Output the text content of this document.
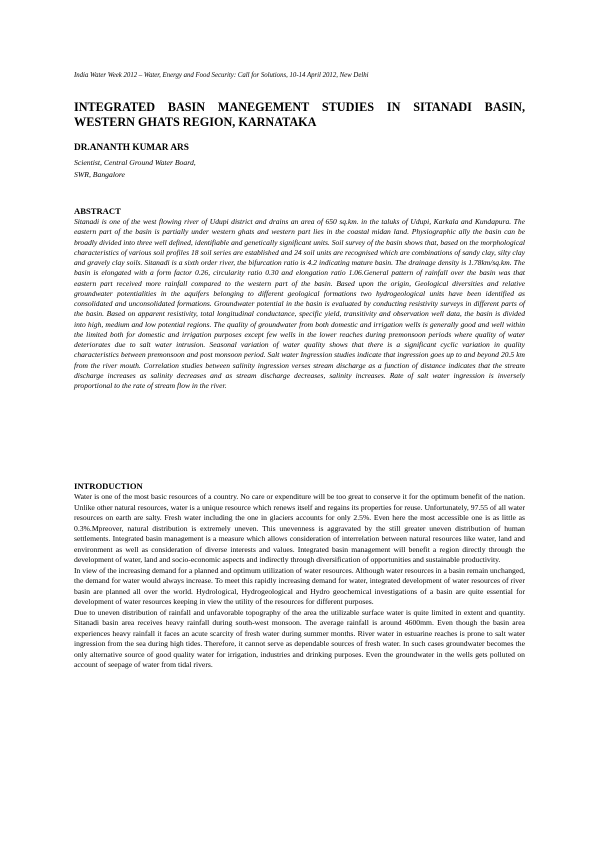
India Water Week 2012 – Water, Energy and Food Security: Call for Solutions, 10-14 April 2012, New Delhi
INTEGRATED BASIN MANEGEMENT STUDIES IN SITANADI BASIN, WESTERN GHATS REGION, KARNATAKA
DR.ANANTH KUMAR ARS
Scientist, Central Ground Water Board,
SWR, Bangalore
ABSTRACT

Sitanadi is one of the west flowing river of Udupi district and drains an area of 650 sq.km. in the taluks of Udupi, Karkala and Kundapura. The eastern part of the basin is partially under western ghats and western part lies in the coastal midan land. Physiographic ally the basin can be broadly divided into three well defined, identifiable and genetically significant units. Soil survey of the basin shows that, based on the morphological characteristics of various soil profiles 18 soil series are established and 24 soil units are recognised which are combinations of sandy clay, silty clay and gravely clay soils. Sitanadi is a sixth order river, the bifurcation ratio is 4.2 indicating mature basin. The drainage density is 1.78km/sq.km. The basin is elongated with a form factor 0.26, circularity ratio 0.30 and elongation ratio 1.06.General pattern of rainfall over the basin was that eastern part received more rainfall compared to the western part of the basin. Based upon the origin, Geological diversities and relative groundwater potentialities in the aquifers belonging to different geological formations two hydrogeological units have been identified as consolidated and unconsolidated formations. Groundwater potential in the basin is evaluated by conducting resistivity surveys in different parts of the basin. Based on apparent resistivity, total longitudinal conductance, specific yield, transitivity and observation well data, the basin is divided into high, medium and low potential regions. The quality of groundwater from both domestic and irrigation wells is generally good and well within the limited both for domestic and irrigation purposes except few wells in the lower reaches during premonsoon periods where quality of water deteriorates due to salt water intrusion. Seasonal variation of water quality shows that there is a significant cyclic variation in quality characteristics between premonsoon and post monsoon period. Salt water Ingression studies indicate that ingression goes up to and beyond 20.5 km from the river mouth. Correlation studies between salinity ingression verses stream discharge as a function of distance indicates that the stream discharge increases as salinity decreases and as stream discharge decreases, salinity increases. Rate of salt water ingression is inversely proportional to the rate of stream flow in the river.

INTRODUCTION

Water is one of the most basic resources of a country. No care or expenditure will be too great to conserve it for the optimum benefit of the nation. Unlike other natural resources, water is a unique resource which renews itself and regains its properties for reuse. Unfortunately, 97.55 of all water resources on earth are salty. Fresh water including the one in glaciers accounts for only 2.5%. Even here the most accessible one is as little as 0.3%.Mpreover, natural distribution is extremely uneven. This unevenness is aggravated by the still greater uneven distribution of human settlements. Integrated basin management is a measure which allows consideration of interrelation between natural resources like water, land and environment as well as consideration of diverse interests and values. Integrated basin management will benefit a region directly through the development of water, land and socio-economic aspects and indirectly through diversification of opportunities and sustainable productivity.

In view of the increasing demand for a planned and optimum utilization of water resources. Although water resources in a basin remain unchanged, the demand for water would always increase. To meet this rapidly increasing demand for water, integrated development of water resources of river basin are planned all over the world. Hydrological, Hydrogeological and Hydro geochemical investigations of a basin are quite essential for development of water resources keeping in view the utility of the resources for different purposes.

Due to uneven distribution of rainfall and unfavorable topography of the area the utilizable surface water is quite limited in extent and quantity. Sitanadi basin area receives heavy rainfall during south-west monsoon. The average rainfall is around 4600mm. Even though the basin area experiences heavy rainfall it faces an acute scarcity of fresh water during summer months. River water in estuarine reaches is prone to salt water ingression from the sea during high tides. Therefore, it cannot serve as dependable sources of fresh water. In such cases groundwater becomes the only alternative source of good quality water for irrigation, industries and drinking purposes. Even the groundwater in the wells gets polluted on account of seepage of water from tidal rivers.
